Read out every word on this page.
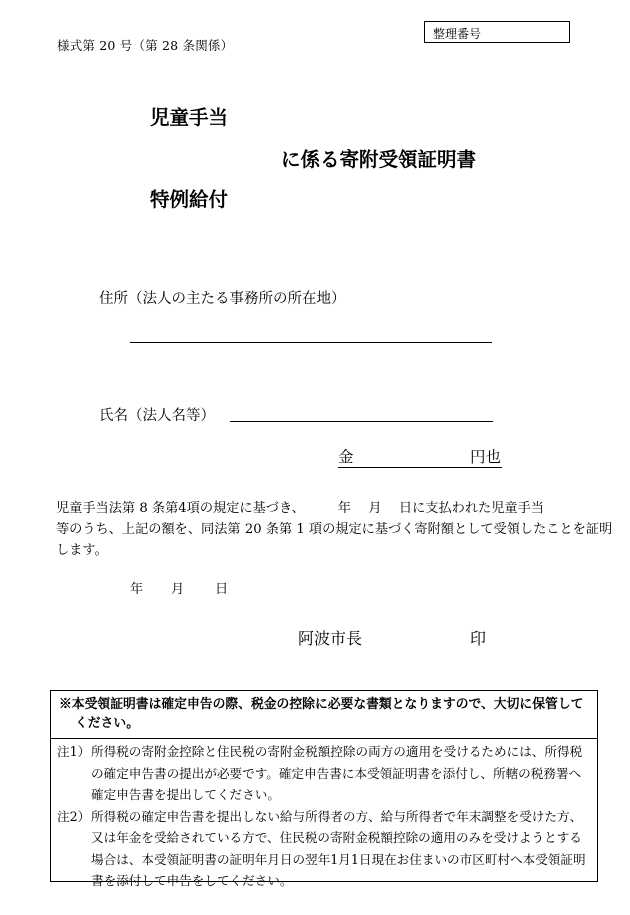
様式第 20 号（第 28 条関係）
整理番号
児童手当
に係る寄附受領証明書
特例給付
住所（法人の主たる事務所の所在地）
氏名（法人名等）
金	円也
児童手当法第 8 条第4項の規定に基づき、　　　年　 月　 日に支払われた児童手当
等のうち、上記の額を、同法第 20 条第 1 項の規定に基づく寄附額として受領したことを証明
します。
年 月 日
阿波市長	印
※本受領証明書は確定申告の際、税金の控除に必要な書類となりますので、大切に保管して
ください。
注1） 所得税の寄附金控除と住民税の寄附金税額控除の両方の適用を受けるためには、所得税の確定申告書の提出が必要です。確定申告書に本受領証明書を添付し、所轄の税務署へ確定申告書を提出してください。
注2） 所得税の確定申告書を提出しない給与所得者の方、給与所得者で年末調整を受けた方、又は年金を受給されている方で、住民税の寄附金税額控除の適用のみを受けようとする場合は、本受領証明書の証明年月日の翌年1月1日現在お住まいの市区町村へ本受領証明書を添付して申告をしてください。
